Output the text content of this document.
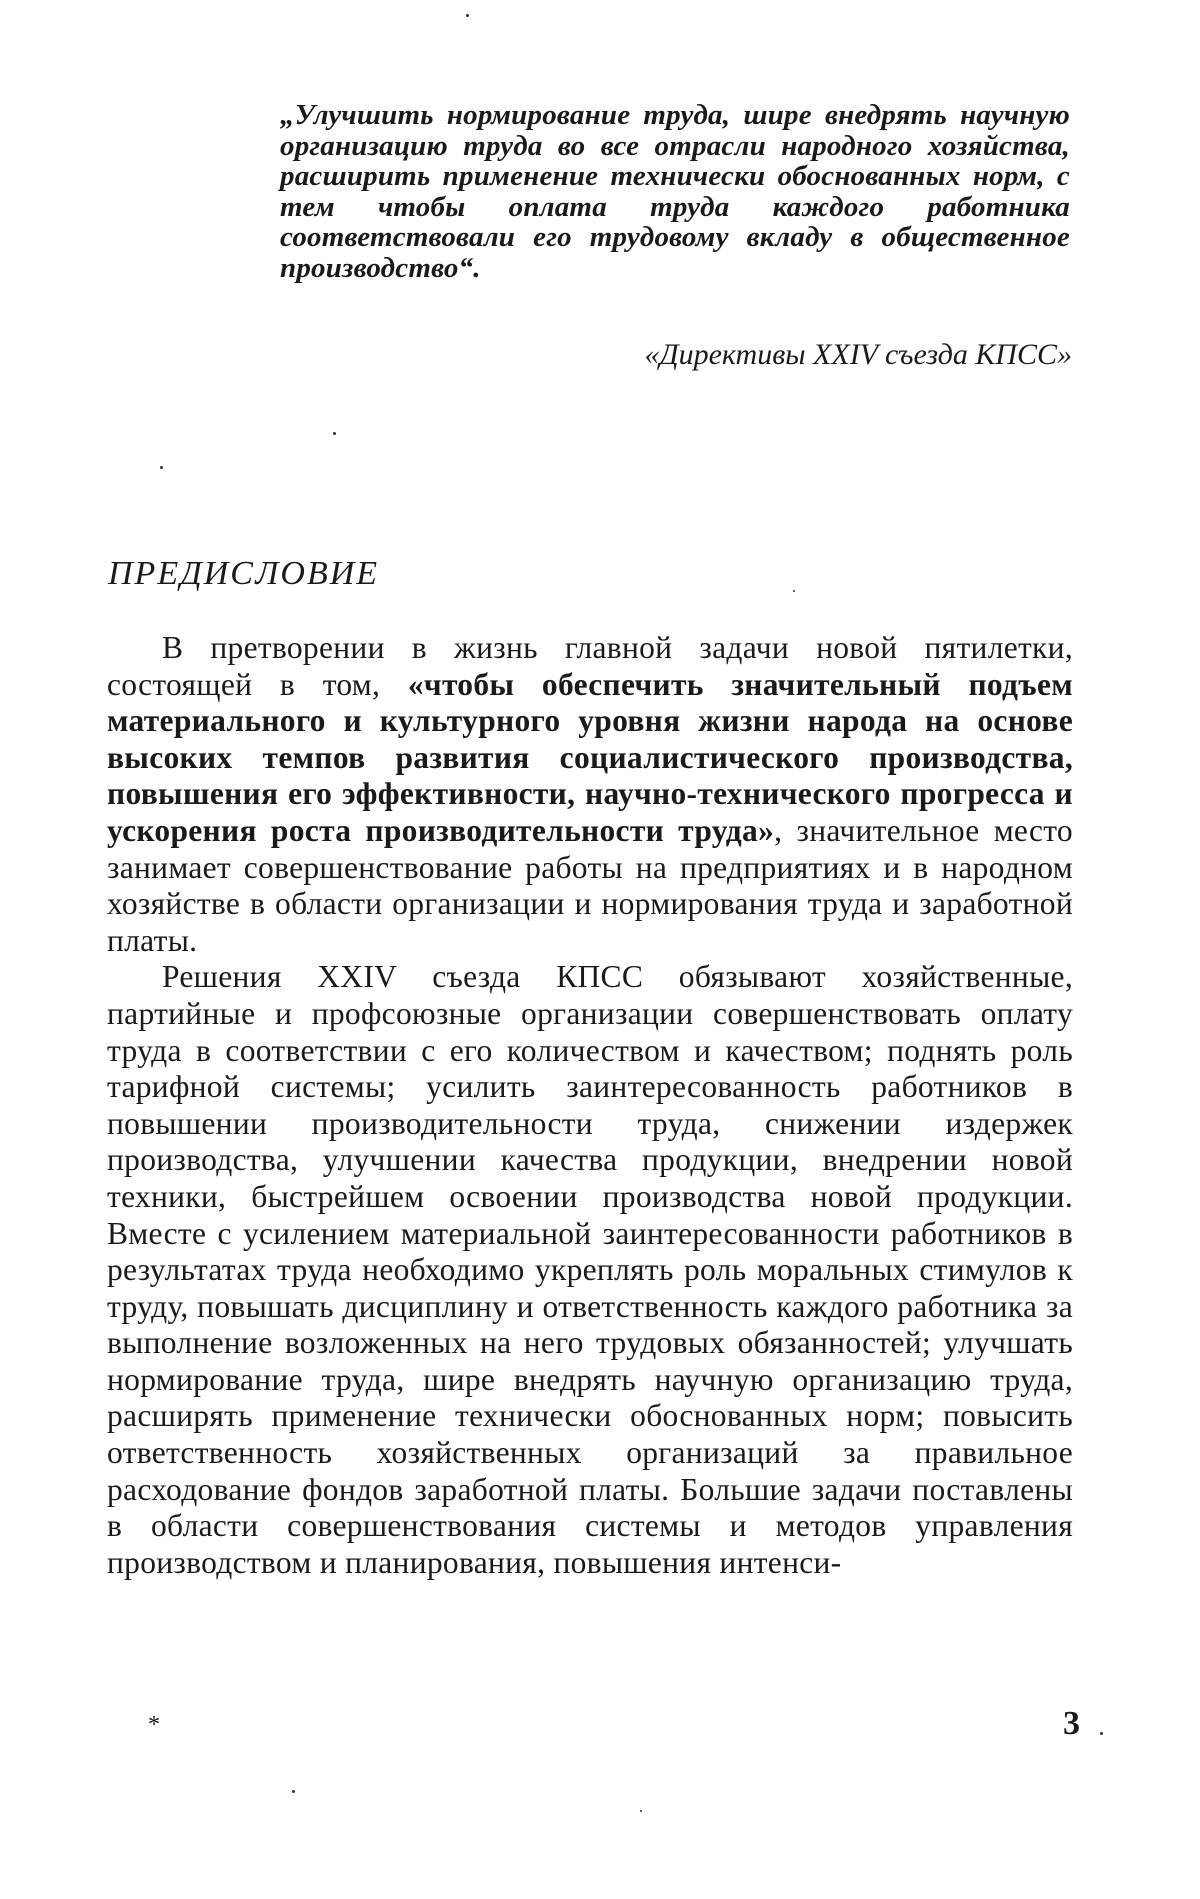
„Улучшить нормирование труда, шире внедрять научную организацию труда во все отрасли народного хозяйства, расширить применение технически обоснованных норм, с тем чтобы оплата труда каждого работника соответствовали его трудовому вкладу в общественное производство“.
«Директивы XXIV съезда КПСС»
ПРЕДИСЛОВИЕ

В претворении в жизнь главной задачи новой пятилетки, состоящей в том, «чтобы обеспечить значительный подъем материального и культурного уровня жизни народа на основе высоких темпов развития социалистического производства, повышения его эффективности, научно-технического прогресса и ускорения роста производительности труда», значительное место занимает совершенствование работы на предприятиях и в народном хозяйстве в области организации и нормирования труда и заработной платы.

Решения XXIV съезда КПСС обязывают хозяйственные, партийные и профсоюзные организации совершенствовать оплату труда в соответствии с его количеством и качеством; поднять роль тарифной системы; усилить заинтересованность работников в повышении производительности труда, снижении издержек производства, улучшении качества продукции, внедрении новой техники, быстрейшем освоении производства новой продукции. Вместе с усилением материальной заинтересованности работников в результатах труда необходимо укреплять роль моральных стимулов к труду, повышать дисциплину и ответственность каждого работника за выполнение возложенных на него трудовых обязанностей; улучшать нормирование труда, шире внедрять научную организацию труда, расширять применение технически обоснованных норм; повысить ответственность хозяйственных организаций за правильное расходование фондов заработной платы. Большие задачи поставлены в области совершенствования системы и методов управления производством и планирования, повышения интенси-

*	3
